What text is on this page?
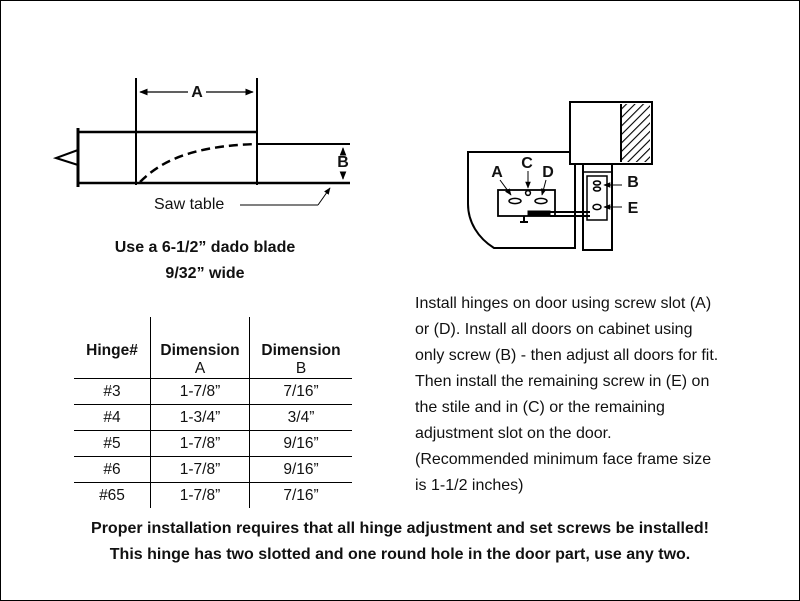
A
B
Saw table
A
C
D
B
E
Use a 6-1/2” dado blade
9/32” wide
Hinge#	Dimension	Dimension
	A	B
#3	1-7/8”	7/16”
#4	1-3/4”	3/4”
#5	1-7/8”	9/16”
#6	1-7/8”	9/16”
#65	1-7/8”	7/16”
Install hinges on door using screw slot (A)
or (D). Install all doors on cabinet using
only screw (B) - then adjust all doors for fit.
Then install the remaining screw in (E) on
the stile and in (C) or the remaining
adjustment slot on the door.
(Recommended minimum face frame size
is 1-1/2 inches)
Proper installation requires that all hinge adjustment and set screws be installed!
This hinge has two slotted and one round hole in the door part, use any two.
